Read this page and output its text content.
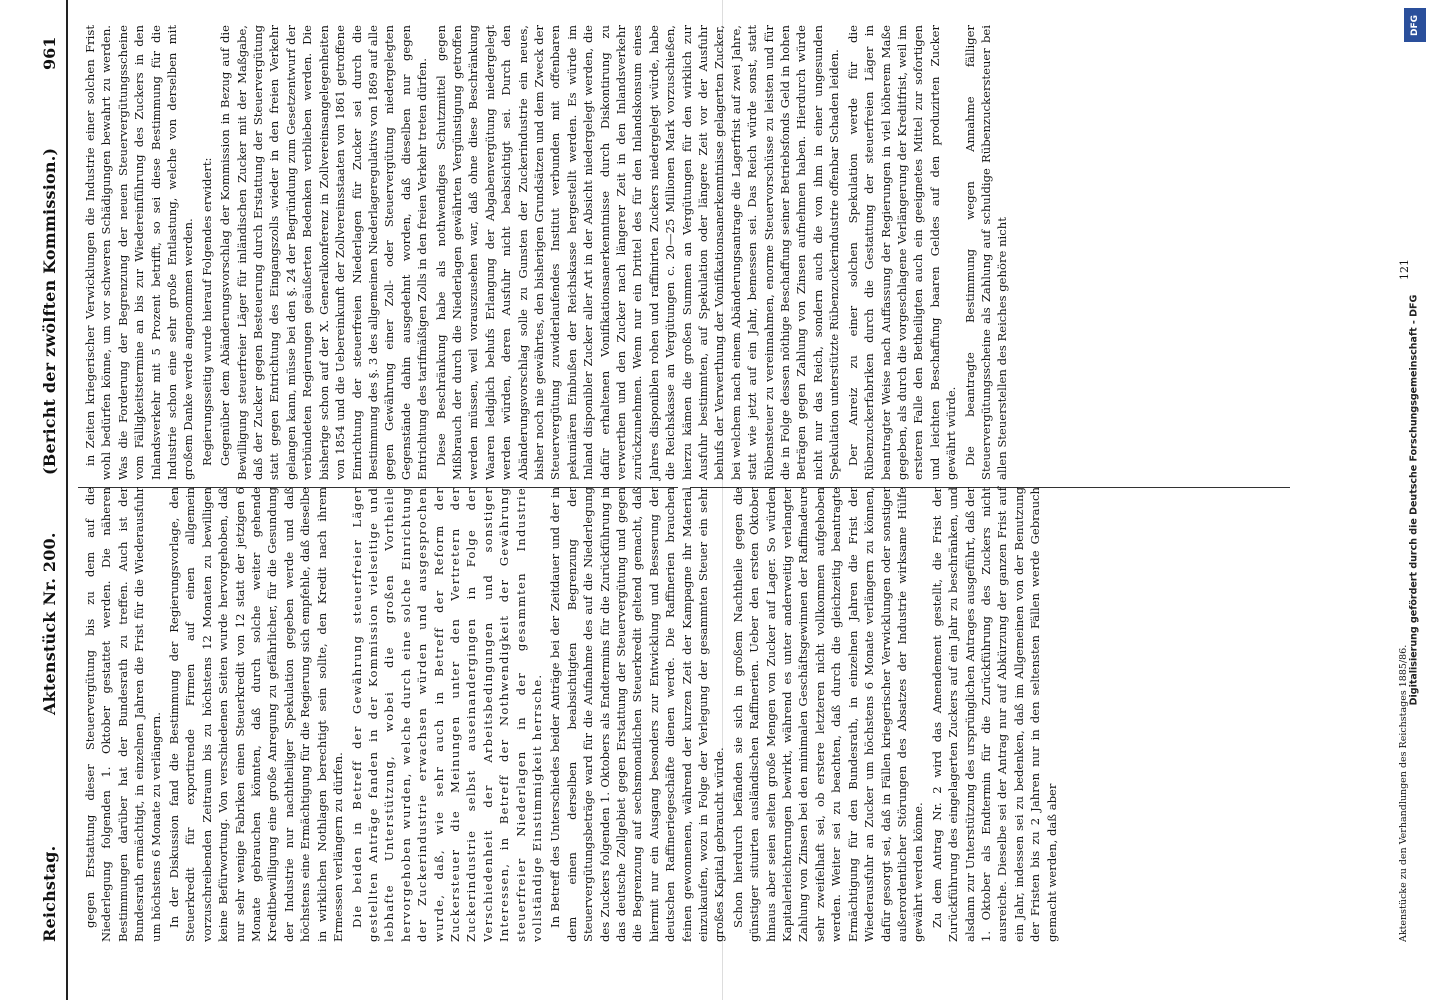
Reichstag.
Aktenstück Nr. 200.
(Bericht der zwölften Kommission.)
961

gegen Erstattung dieser Steuervergütung bis zu dem auf die Niederlegung folgenden 1. Oktober gestattet werden. Die näheren Bestimmungen darüber hat der Bundesrath zu treffen. Auch ist der Bundesrath ermächtigt, in einzelnen Jahren die Frist für die Wiederausfuhr um höchstens 6 Monate zu verlängern. In der Diskussion fand die Bestimmung der Regierungsvorlage, den Steuerkredit für exportirende Firmen auf einen allgemein vorzuschreibenden Zeitraum bis zu höchstens 12 Monaten zu bewilligen keine Befürwortung. Von verschiedenen Seiten wurde hervorgehoben, daß nur sehr wenige Fabriken einen Steuerkredit von 12 statt der jetzigen 6 Monate gebrauchen könnten, daß durch solche weiter gehende Kreditbewilligung eine große Anregung zu gefährlicher, für die Gesundung der Industrie nur nachtheiliger Spekulation gegeben werde und daß höchstens eine Ermächtigung für die Regierung sich empfehle, daß dieselbe in wirklichen Nothlagen berechtigt sein sollte, den Kredit nach ihrem Ermessen verlängern zu dürfen. Die beiden in Betreff der Gewährung steuerfreier Läger gestellten Anträge fanden in der Kommission vielseitige und lebhafte Unterstützung, wobei die großen Vortheile hervorgehoben wurden, welche durch eine solche Einrichtung der Zuckerindustrie erwachsen würden und ausgesprochen wurde, daß, wie sehr auch in Betreff der Reform der Zuckersteuer die Meinungen unter den Vertretern der Zuckerindustrie selbst auseinandergingen in Folge der Verschiedenheit der Arbeitsbedingungen und sonstiger Interessen, in Betreff der Nothwendigkeit der Gewährung steuerfreier Niederlagen in der gesammten Industrie vollständige Einstimmigkeit herrsche. In Betreff des Unterschiedes beider Anträge bei der Zeitdauer und der in dem einen derselben beabsichtigten Begrenzung der Steuervergütungsbeträge ward für die Aufnahme des auf die Niederlegung des Zuckers folgenden 1. Oktobers als Endtermins für die Zurückführung in das deutsche Zollgebiet gegen Erstattung der Steuervergütung und gegen die Begrenzung auf sechsmonatlichen Steuerkredit geltend gemacht, daß hiermit nur ein Ausgang besonders zur Entwicklung und Besserung der deutschen Raffineriegeschäfte dienen werde. Die Raffinerien brauchen feinen gewonnenen, während der kurzen Zeit der Kampagne ihr Material einzukaufen, wozu in Folge der Verlegung der gesammten Steuer ein sehr großes Kapital gebraucht würde. Schon hierdurch befänden sie sich in großem Nachtheile gegen die günstiger situirten ausländischen Raffinerien. Ueber den ersten Oktober hinaus aber seien selten große Mengen von Zucker auf Lager. So würden Kapitalerleichterungen bewirkt, während es unter anderweitig verlangter Zahlung von Zinsen bei den minimalen Geschäftsgewinnen der Raffinadeure sehr zweifelhaft sei, ob erstere letzteren nicht vollkommen aufgehoben werden. Weiter sei zu beachten, daß durch die gleichzeitig beantragte Ermächtigung für den Bundesrath, in einzelnen Jahren die Frist der Wiederausfuhr an Zucker um höchstens 6 Monate verlängern zu können, dafür gesorgt sei, daß in Fällen kriegerischer Verwicklungen oder sonstiger außerordentlicher Störungen des Absatzes der Industrie wirksame Hülfe gewährt werden könne. Zu dem Antrag Nr. 2 wird das Amendement gestellt, die Frist der Zurückführung des eingelagerten Zuckers auf ein Jahr zu beschränken, und alsdann zur Unterstützung des ursprünglichen Antrages ausgeführt, daß der 1. Oktober als Endtermin für die Zurückführung des Zuckers nicht ausreiche. Dieselbe sei der Antrag nur auf Abkürzung der ganzen Frist auf ein Jahr, indessen sei zu bedenken, daß im Allgemeinen von der Benutzung der Fristen bis zu 2 Jahren nur in den seltensten Fällen werde Gebrauch gemacht werden, daß aber

in Zeiten kriegerischer Verwicklungen die Industrie einer solchen Frist wohl bedürfen könne, um vor schweren Schädigungen bewahrt zu werden. Was die Forderung der Begrenzung der neuen Steuervergütungsscheine vom Fälligkeitstermine an bis zur Wiedereinführung des Zuckers in den Inlandsverkehr mit 5 Prozent betrifft, so sei diese Bestimmung für die Industrie schon eine sehr große Entlastung, welche von derselben mit großem Danke werde angenommen werden. Regierungsseitig wurde hierauf Folgendes erwidert: Gegenüber dem Abänderungsvorschlag der Kommission in Bezug auf die Bewilligung steuerfreier Läger für inländischen Zucker mit der Maßgabe, daß der Zucker gegen Besteuerung durch Erstattung der Steuervergütung statt gegen Entrichtung des Eingangszolls wieder in den freien Verkehr gelangen kann, müsse bei den §. 24 der Begründung zum Gesetzentwurf der verbündeten Regierungen geäußerten Bedenken verblieben werden. Die bisherige schon auf der X. Generalkonferenz in Zollvereinsangelegenheiten von 1854 und die Uebereinkunft der Zollvereinsstaaten von 1861 getroffene Einrichtung der steuerfreien Niederlagen für Zucker sei durch die Bestimmung des §. 3 des allgemeinen Niederlageregulativs von 1869 auf alle gegen Gewährung einer Zoll- oder Steuervergütung niedergelegten Gegenstände dahin ausgedehnt worden, daß dieselben nur gegen Entrichtung des tarifmäßigen Zolls in den freien Verkehr treten dürfen. Diese Beschränkung habe als nothwendiges Schutzmittel gegen Mißbrauch der durch die Niederlagen gewährten Vergünstigung getroffen werden müssen, weil vorauszusehen war, daß ohne diese Beschränkung Waaren lediglich behufs Erlangung der Abgabenvergütung niedergelegt werden würden, deren Ausfuhr nicht beabsichtigt sei. Durch den Abänderungsvorschlag solle zu Gunsten der Zuckerindustrie ein neues, bisher noch nie gewährtes, den bisherigen Grundsätzen und dem Zweck der Steuervergütung zuwiderlaufendes Institut verbunden mit offenbaren pekuniären Einbußen der Reichskasse hergestellt werden. Es würde im Inland disponibler Zucker aller Art in der Absicht niedergelegt werden, die dafür erhaltenen Vonifikationsanerkenntnisse durch Diskontirung zu verwerthen und den Zucker nach längerer Zeit in den Inlandsverkehr zurückzunehmen. Wenn nur ein Drittel des für den Inlandskonsum eines Jahres disponiblen rohen und raffinirten Zuckers niedergelegt würde, habe die Reichskasse an Vergütungen c. 20—25 Millionen Mark vorzuschießen, hierzu kämen die großen Summen an Vergütungen für den wirklich zur Ausfuhr bestimmten, auf Spekulation oder längere Zeit vor der Ausfuhr behufs der Verwerthung der Vonifikationsanerkenntnisse gelagerten Zucker, bei welchem nach einem Abänderungsantrage die Lagerfrist auf zwei Jahre, statt wie jetzt auf ein Jahr, bemessen sei. Das Reich würde sonst, statt Rübensteuer zu vereinnahmen, enorme Steuervorschüsse zu leisten und für die in Folge dessen nöthige Beschaffung seiner Betriebsfonds Geld in hohen Beträgen gegen Zahlung von Zinsen aufnehmen haben. Hierdurch würde nicht nur das Reich, sondern auch die von ihm in einer ungesunden Spekulation unterstützte Rübenzuckerindustrie offenbar Schaden leiden. Der Anreiz zu einer solchen Spekulation werde für die Rübenzuckerfabriken durch die Gestattung der steuerfreien Läger in beantragter Weise nach Auffassung der Regierungen in viel höherem Maße gegeben, als durch die vorgeschlagene Verlängerung der Kreditfrist, weil im ersteren Falle den Betheiligten auch ein geeignetes Mittel zur sofortigen und leichten Beschaffung baaren Geldes auf den produzirten Zucker gewährt würde. Die beantragte Bestimmung wegen Annahme fälliger Steuervergütungsscheine als Zahlung auf schuldige Rübenzuckersteuer bei allen Steuerstellen des Reiches gehöre nicht

Aktenstücke zu den Verhandlungen des Reichstages 1885/86.
121
Digitalisierung gefördert durch die Deutsche Forschungsgemeinschaft - DFG
DFG
